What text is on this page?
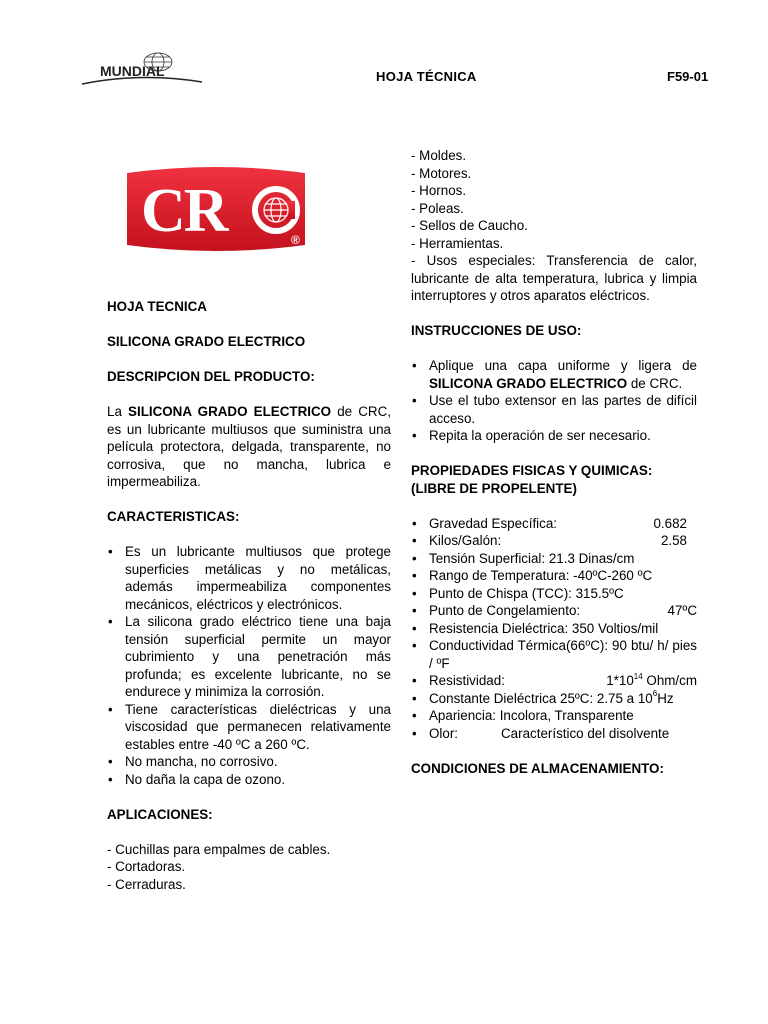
MUNDIAL	HOJA TÉCNICA	F59-01
CR	®
HOJA TECNICA
SILICONA GRADO ELECTRICO
DESCRIPCION DEL PRODUCTO:
La SILICONA GRADO ELECTRICO de CRC, es un lubricante multiusos que suministra una película protectora, delgada, transparente, no corrosiva, que no mancha, lubrica e impermeabiliza.
CARACTERISTICAS:
• Es un lubricante multiusos que protege superficies metálicas y no metálicas, además impermeabiliza componentes mecánicos, eléctricos y electrónicos.
• La silicona grado eléctrico tiene una baja tensión superficial permite un mayor cubrimiento y una penetración más profunda; es excelente lubricante, no se endurece y minimiza la corrosión.
• Tiene características dieléctricas y una viscosidad que permanecen relativamente estables entre -40 ºC a 260 ºC.
• No mancha, no corrosivo.
• No daña la capa de ozono.
APLICACIONES:
- Cuchillas para empalmes de cables.
- Cortadoras.
- Cerraduras.
- Moldes.
- Motores.
- Hornos.
- Poleas.
- Sellos de Caucho.
- Herramientas.
- Usos especiales: Transferencia de calor, lubricante de alta temperatura, lubrica y limpia interruptores y otros aparatos eléctricos.
INSTRUCCIONES DE USO:
• Aplique una capa uniforme y ligera de SILICONA GRADO ELECTRICO de CRC.
• Use el tubo extensor en las partes de difícil acceso.
• Repita la operación de ser necesario.
PROPIEDADES FISICAS Y QUIMICAS:
(LIBRE DE PROPELENTE)
• Gravedad Específica:	0.682
• Kilos/Galón:	2.58
• Tensión Superficial: 21.3 Dinas/cm
• Rango de Temperatura: -40ºC-260 ºC
• Punto de Chispa (TCC): 315.5ºC
• Punto de Congelamiento:	47ºC
• Resistencia Dieléctrica: 350 Voltios/mil
• Conductividad Térmica(66ºC): 90 btu/ h/ pies / ºF
• Resistividad:	$1*10^{14}$ Ohm/cm
• Constante Dieléctrica 25ºC: 2.75 a $10^6Hz$
• Apariencia: Incolora, Transparente
• Olor:	Característico del disolvente
CONDICIONES DE ALMACENAMIENTO:
